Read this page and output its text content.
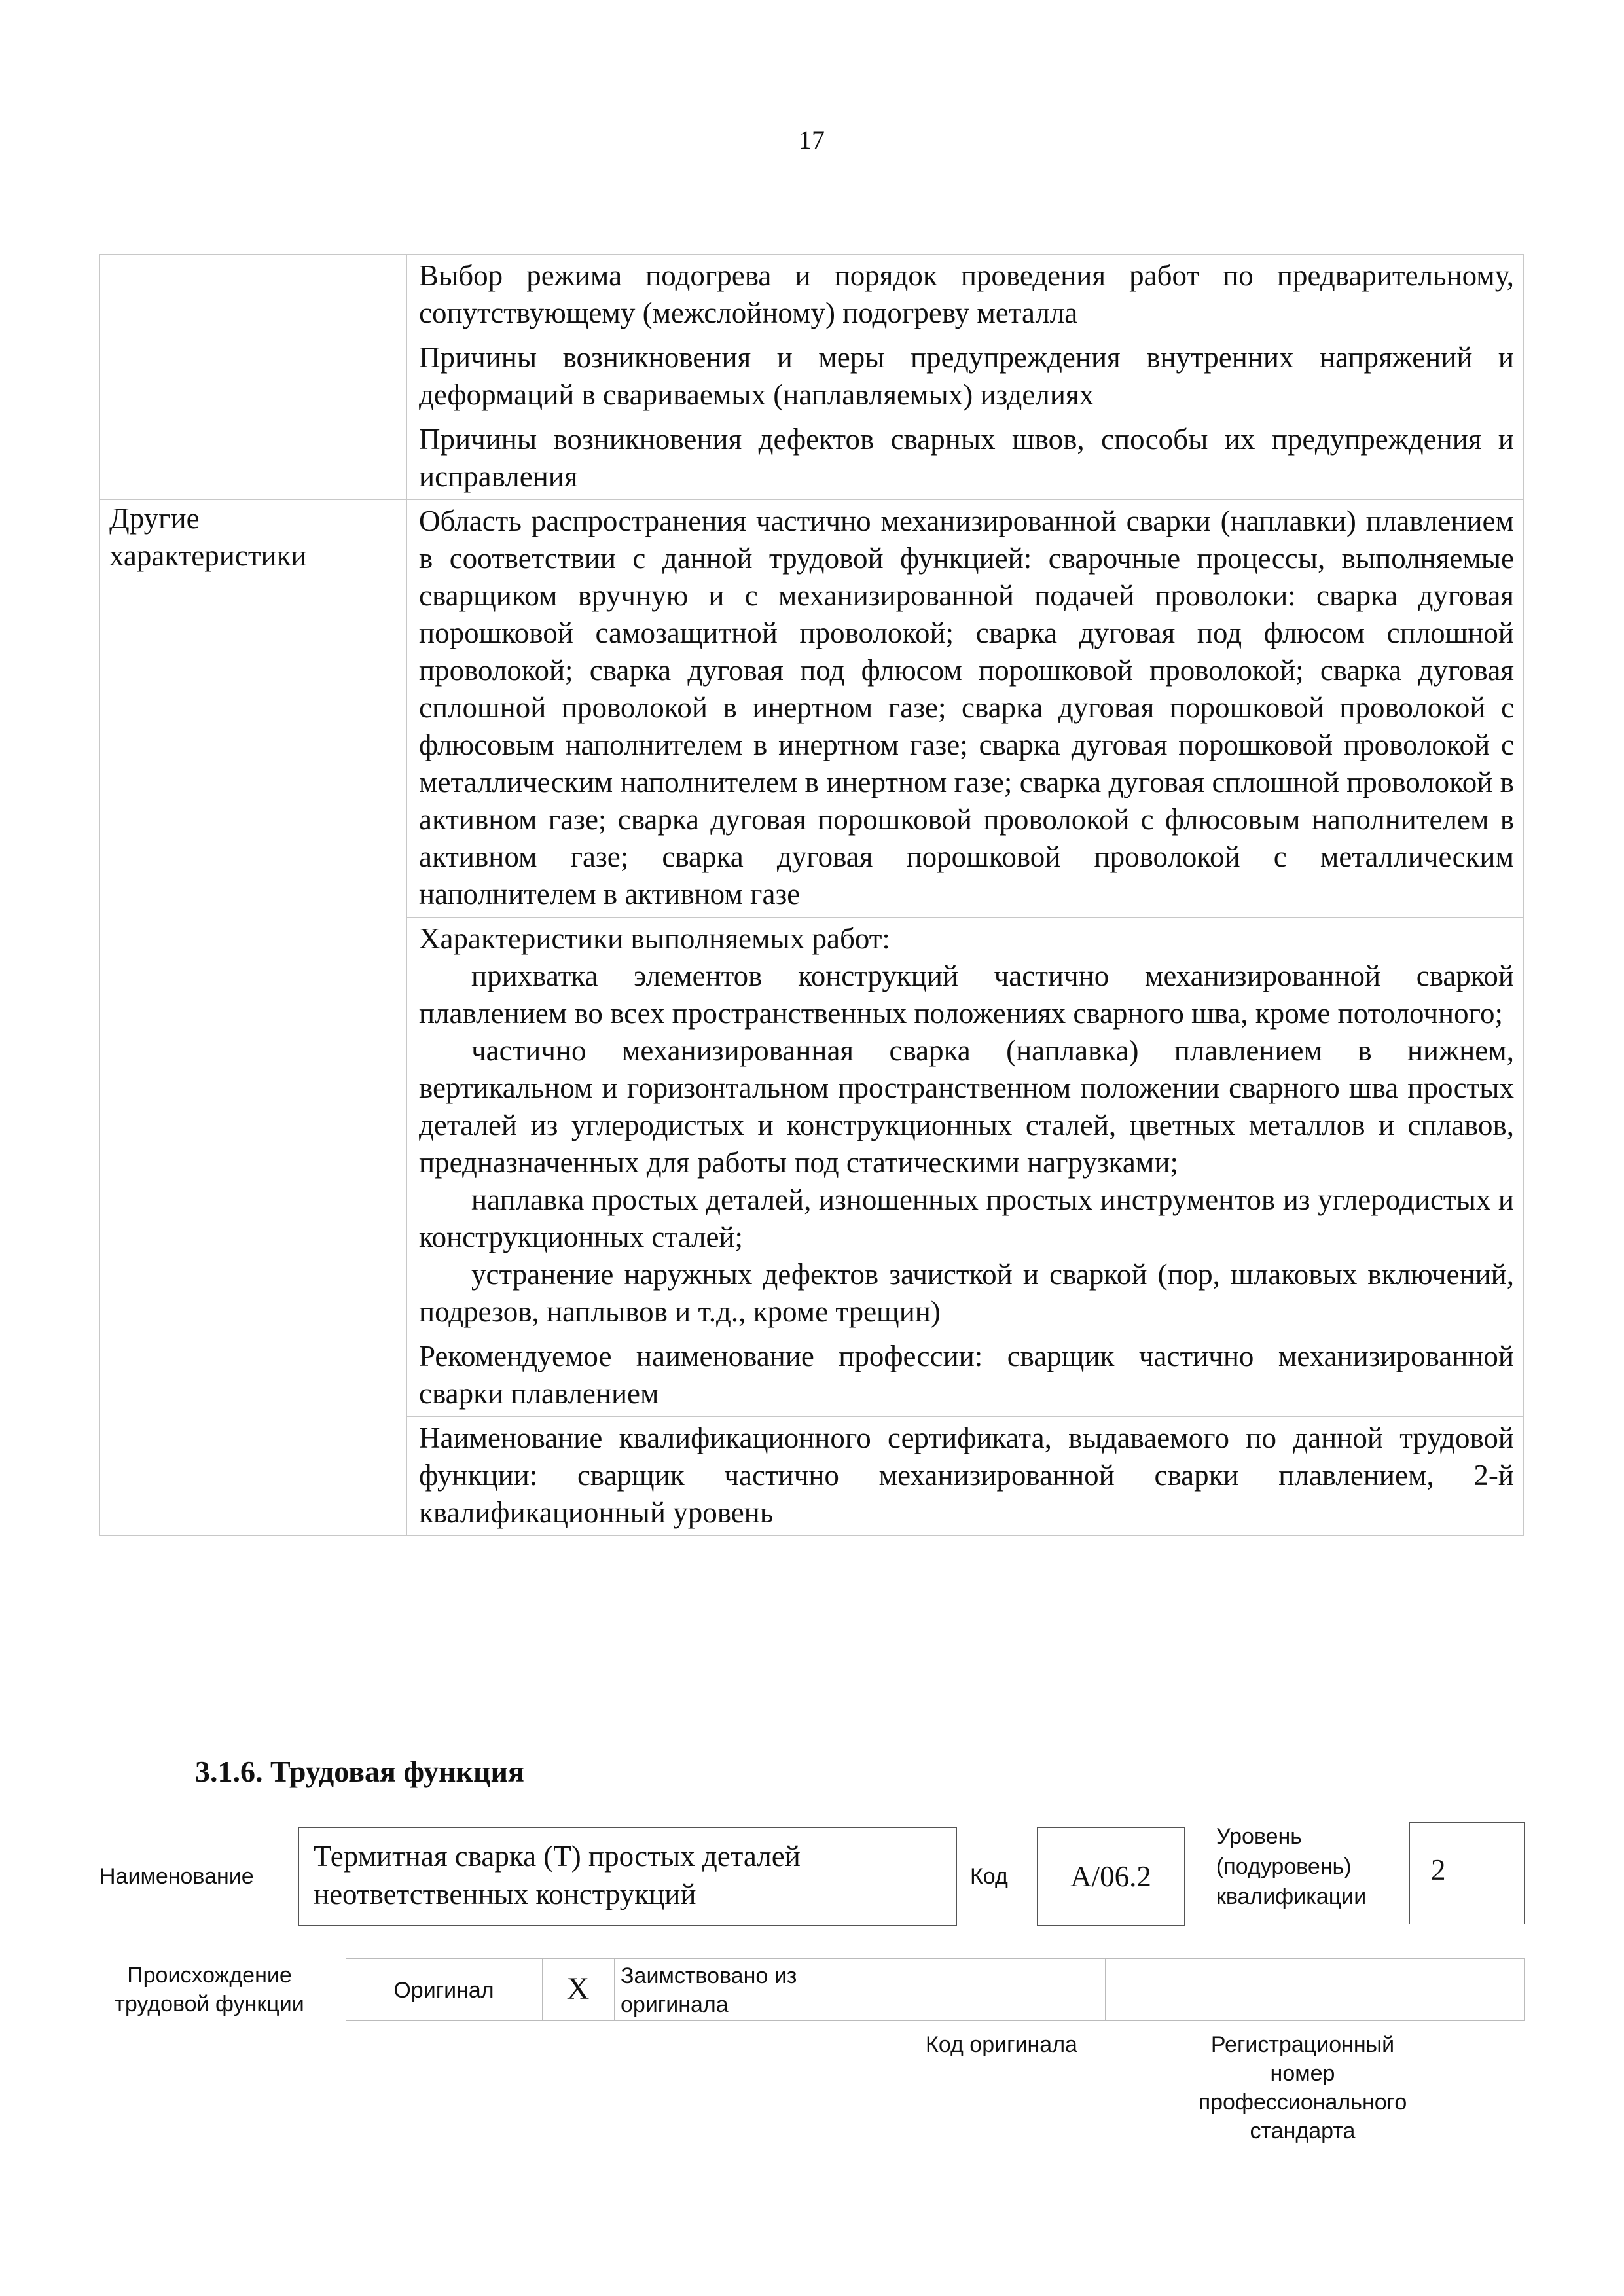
17
	Выбор режима подогрева и порядок проведения работ по предварительному, сопутствующему (межслойному) подогреву металла
	Причины возникновения и меры предупреждения внутренних напряжений и деформаций в свариваемых (наплавляемых) изделиях
	Причины возникновения дефектов сварных швов, способы их предупреждения и исправления
Другие характеристики	Область распространения частично механизированной сварки (наплавки) плавлением в соответствии с данной трудовой функцией: сварочные процессы, выполняемые сварщиком вручную и с механизированной подачей проволоки: сварка дуговая порошковой самозащитной проволокой; сварка дуговая под флюсом сплошной проволокой; сварка дуговая под флюсом порошковой проволокой; сварка дуговая сплошной проволокой в инертном газе; сварка дуговая порошковой проволокой с флюсовым наполнителем в инертном газе; сварка дуговая порошковой проволокой с металлическим наполнителем в инертном газе; сварка дуговая сплошной проволокой в активном газе; сварка дуговая порошковой проволокой с флюсовым наполнителем в активном газе; сварка дуговая порошковой проволокой с металлическим наполнителем в активном газе

	Характеристики выполняемых работ:
прихватка элементов конструкций частично механизированной сваркой плавлением во всех пространственных положениях сварного шва, кроме потолочного;
частично механизированная сварка (наплавка) плавлением в нижнем, вертикальном и горизонтальном пространственном положении сварного шва простых деталей из углеродистых и конструкционных сталей, цветных металлов и сплавов, предназначенных для работы под статическими нагрузками;
наплавка простых деталей, изношенных простых инструментов из углеродистых и конструкционных сталей;
устранение наружных дефектов зачисткой и сваркой (пор, шлаковых включений, подрезов, наплывов и т.д., кроме трещин)

	Рекомендуемое наименование профессии: сварщик частично механизированной сварки плавлением
	Наименование квалификационного сертификата, выдаваемого по данной трудовой функции: сварщик частично механизированной сварки плавлением, 2-й квалификационный уровень
3.1.6. Трудовая функция
Наименование
Термитная сварка (Т) простых деталей неответственных конструкций
Код	А/06.2
Уровень (подуровень) квалификации
2
Происхождение трудовой функции
Оригинал	Х	Заимствовано из оригинала
Код оригинала	Регистрационный номер профессионального стандарта
